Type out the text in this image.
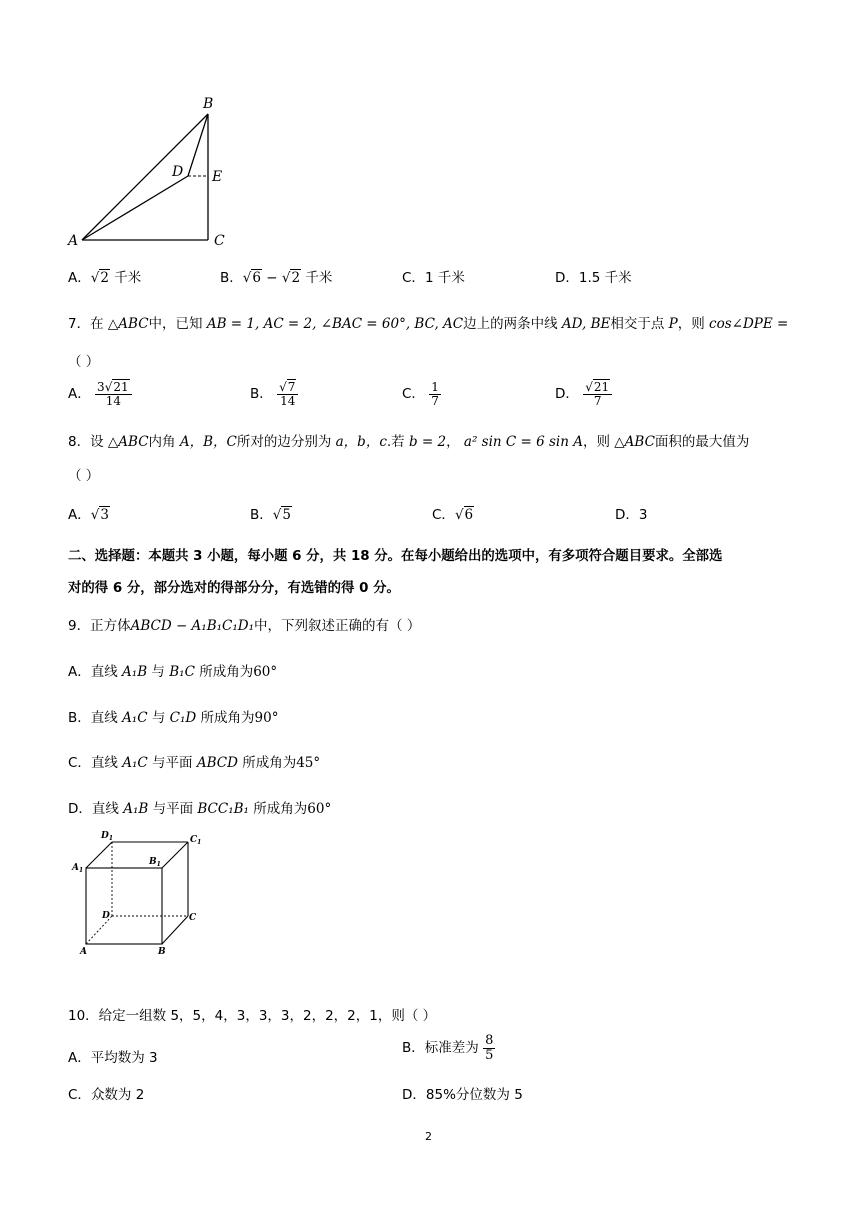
B
D E
A	C
A．√2 千米	B．√6 − √2 千米	C．1 千米	D．1.5 千米
7．在 △ABC中，已知 AB = 1, AC = 2, ∠BAC = 60°, BC, AC边上的两条中线 AD, BE相交于点 P，则 cos∠DPE =
（ ）
A． $\frac{3√21}{14}$	B． $\frac{√7}{14}$	C． $\frac{1}{7}$	D． $\frac{√21}{7}$
8．设 △ABC内角 A，B，C所对的边分别为 a，b，c.若 b = 2， a² sin C = 6 sin A，则 △ABC面积的最大值为
（ ）
A．√3	B．√5	C．√6	D．3
二、选择题：本题共 3 小题，每小题 6 分，共 18 分。在每小题给出的选项中，有多项符合题目要求。全部选
对的得 6 分，部分选对的得部分分，有选错的得 0 分。
9．正方体ABCD − A₁B₁C₁D₁中，下列叙述正确的有（ ）
A．直线 A₁B 与 B₁C 所成角为60°
B．直线 A₁C 与 C₁D 所成角为90°
C．直线 A₁C 与平面 ABCD 所成角为45°
D．直线 A₁B 与平面 BCC₁B₁ 所成角为60°
$D_1$	$C_1$
$A_1$
$B_1$
D	C
A	B
10．给定一组数 5，5，4，3，3，3，2，2，2，1，则（ ）
A．平均数为 3
B．标准差为 $\frac{8}{5}$
C．众数为 2	D．85%分位数为 5
2
